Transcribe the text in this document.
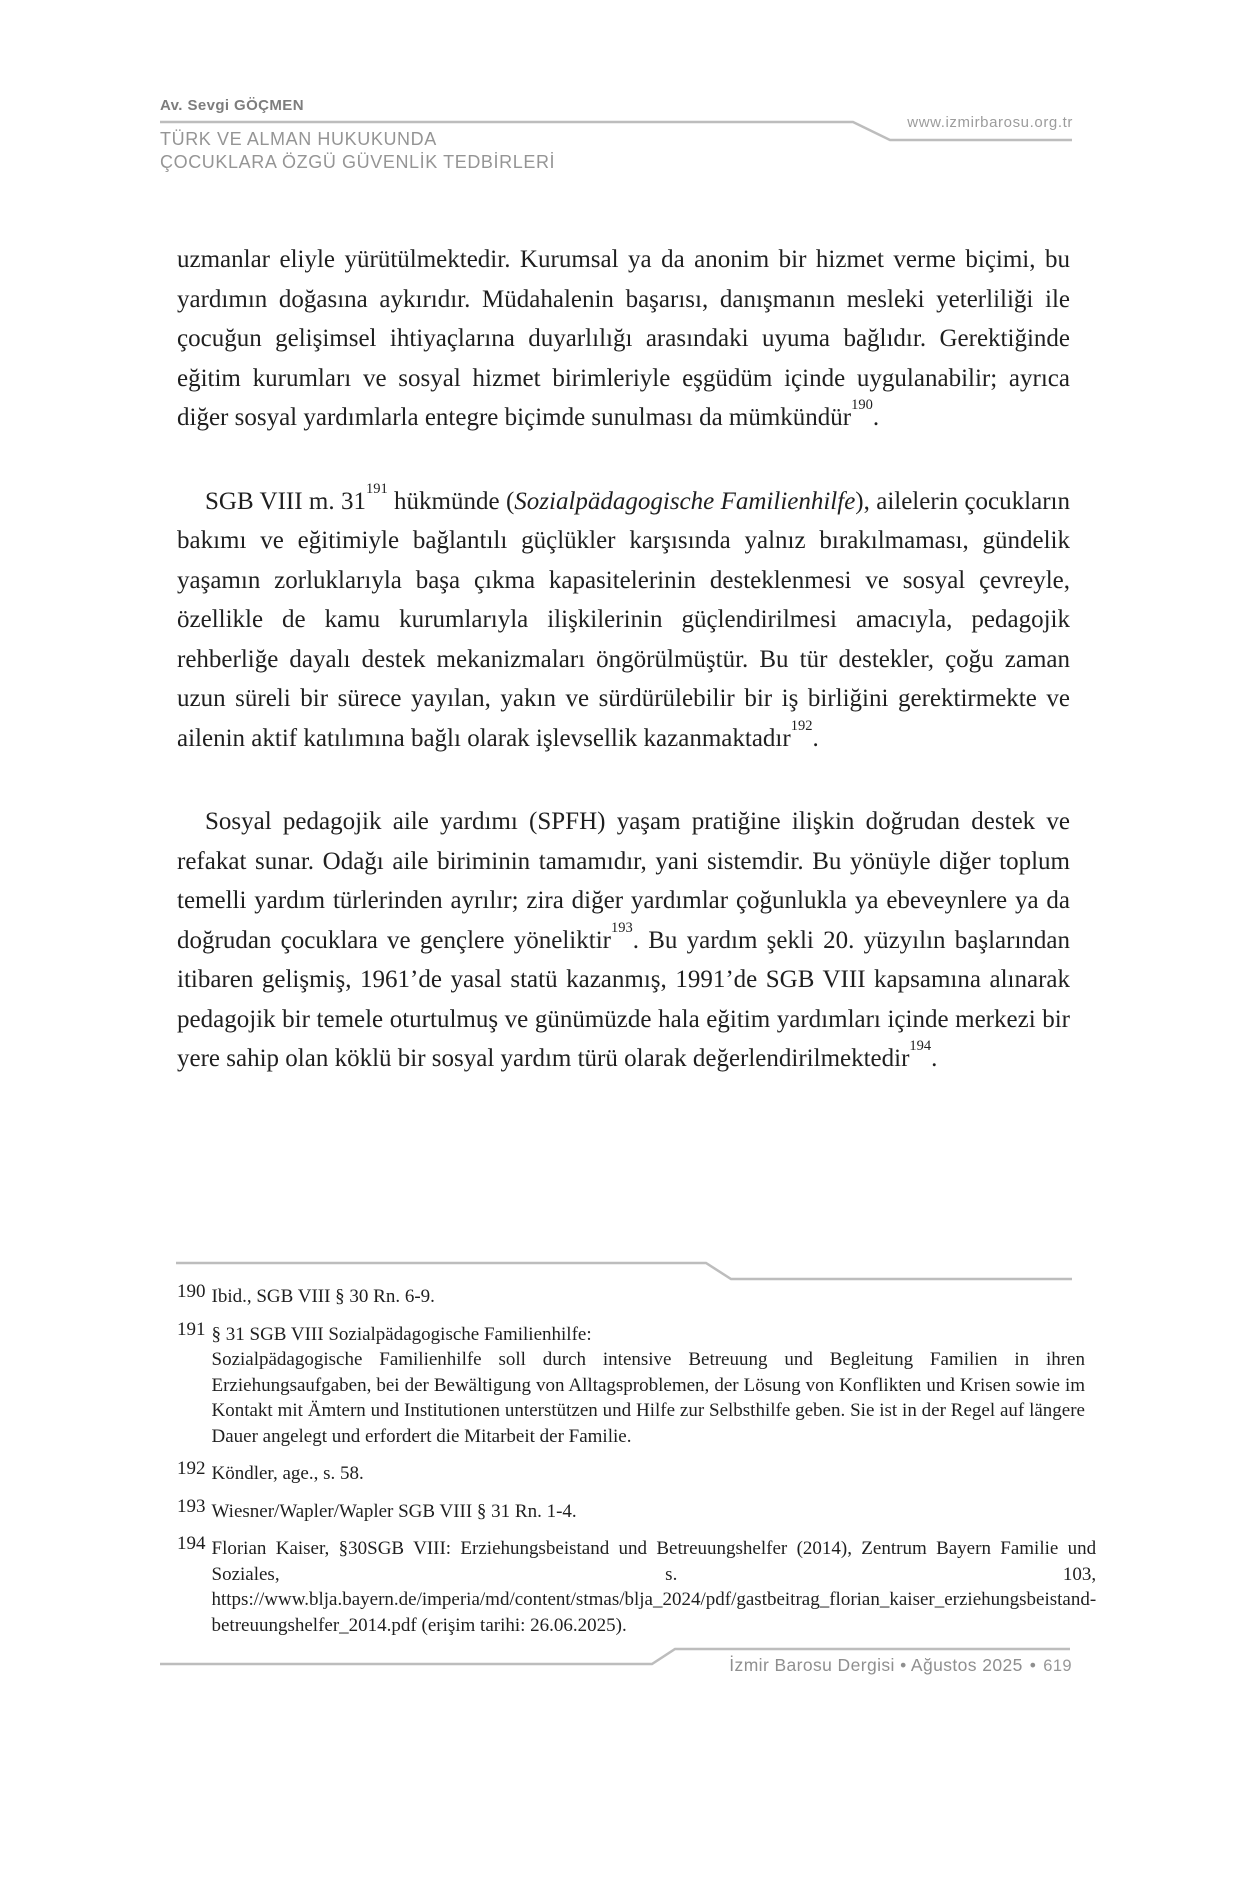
Av. Sevgi GÖÇMEN
www.izmirbarosu.org.tr
TÜRK VE ALMAN HUKUKUNDA
ÇOCUKLARA ÖZGÜ GÜVENLİK TEDBİRLERİ

uzmanlar eliyle yürütülmektedir. Kurumsal ya da anonim bir hizmet verme biçimi, bu yardımın doğasına aykırıdır. Müdahalenin başarısı, danışmanın mesleki yeterliliği ile çocuğun gelişimsel ihtiyaçlarına duyarlılığı arasındaki uyuma bağlıdır. Gerektiğinde eğitim kurumları ve sosyal hizmet birimleriyle eşgüdüm içinde uygulanabilir; ayrıca diğer sosyal yardımlarla entegre biçimde sunulması da mümkündür$^{190}$.

SGB VIII m. $31^{191}$ hükmünde (Sozialpädagogische Familienhilfe), ailelerin çocukların bakımı ve eğitimiyle bağlantılı güçlükler karşısında yalnız bırakılmaması, gündelik yaşamın zorluklarıyla başa çıkma kapasitelerinin desteklenmesi ve sosyal çevreyle, özellikle de kamu kurumlarıyla ilişkilerinin güçlendirilmesi amacıyla, pedagojik rehberliğe dayalı destek mekanizmaları öngörülmüştür. Bu tür destekler, çoğu zaman uzun süreli bir sürece yayılan, yakın ve sürdürülebilir bir iş birliğini gerektirmekte ve ailenin aktif katılımına bağlı olarak işlevsellik kazanmaktadır$^{192}$.

Sosyal pedagojik aile yardımı (SPFH) yaşam pratiğine ilişkin doğrudan destek ve refakat sunar. Odağı aile biriminin tamamıdır, yani sistemdir. Bu yönüyle diğer toplum temelli yardım türlerinden ayrılır; zira diğer yardımlar çoğunlukla ya ebeveynlere ya da doğrudan çocuklara ve gençlere yöneliktir$^{193}$. Bu yardım şekli 20. yüzyılın başlarından itibaren gelişmiş, 1961’de yasal statü kazanmış, 1991’de SGB VIII kapsamına alınarak pedagojik bir temele oturtulmuş ve günümüzde hala eğitim yardımları içinde merkezi bir yere sahip olan köklü bir sosyal yardım türü olarak değerlendirilmektedir$^{194}$.

190 Ibid., SGB VIII § 30 Rn. 6-9.

191 § 31 SGB VIII Sozialpädagogische Familienhilfe:

Sozialpädagogische Familienhilfe soll durch intensive Betreuung und Begleitung Familien in ihren Erziehungsaufgaben, bei der Bewältigung von Alltagsproblemen, der Lösung von Konflikten und Krisen sowie im Kontakt mit Ämtern und Institutionen unterstützen und Hilfe zur Selbsthilfe geben. Sie ist in der Regel auf längere Dauer angelegt und erfordert die Mitarbeit der Familie.

192 Köndler, age., s. 58.

193 Wiesner/Wapler/Wapler SGB VIII § 31 Rn. 1-4.

194 Florian Kaiser, §30SGB VIII: Erziehungsbeistand und Betreuungshelfer (2014), Zentrum Bayern Familie und Soziales, s. 103, https://www.blja.bayern.de/imperia/md/content/stmas/blja_2024/pdf/gastbeitrag_florian_kaiser_erziehungsbeistand-betreuungshelfer_2014.pdf (erişim tarihi: 26.06.2025).

İzmir Barosu Dergisi • Ağustos 2025 • 619
